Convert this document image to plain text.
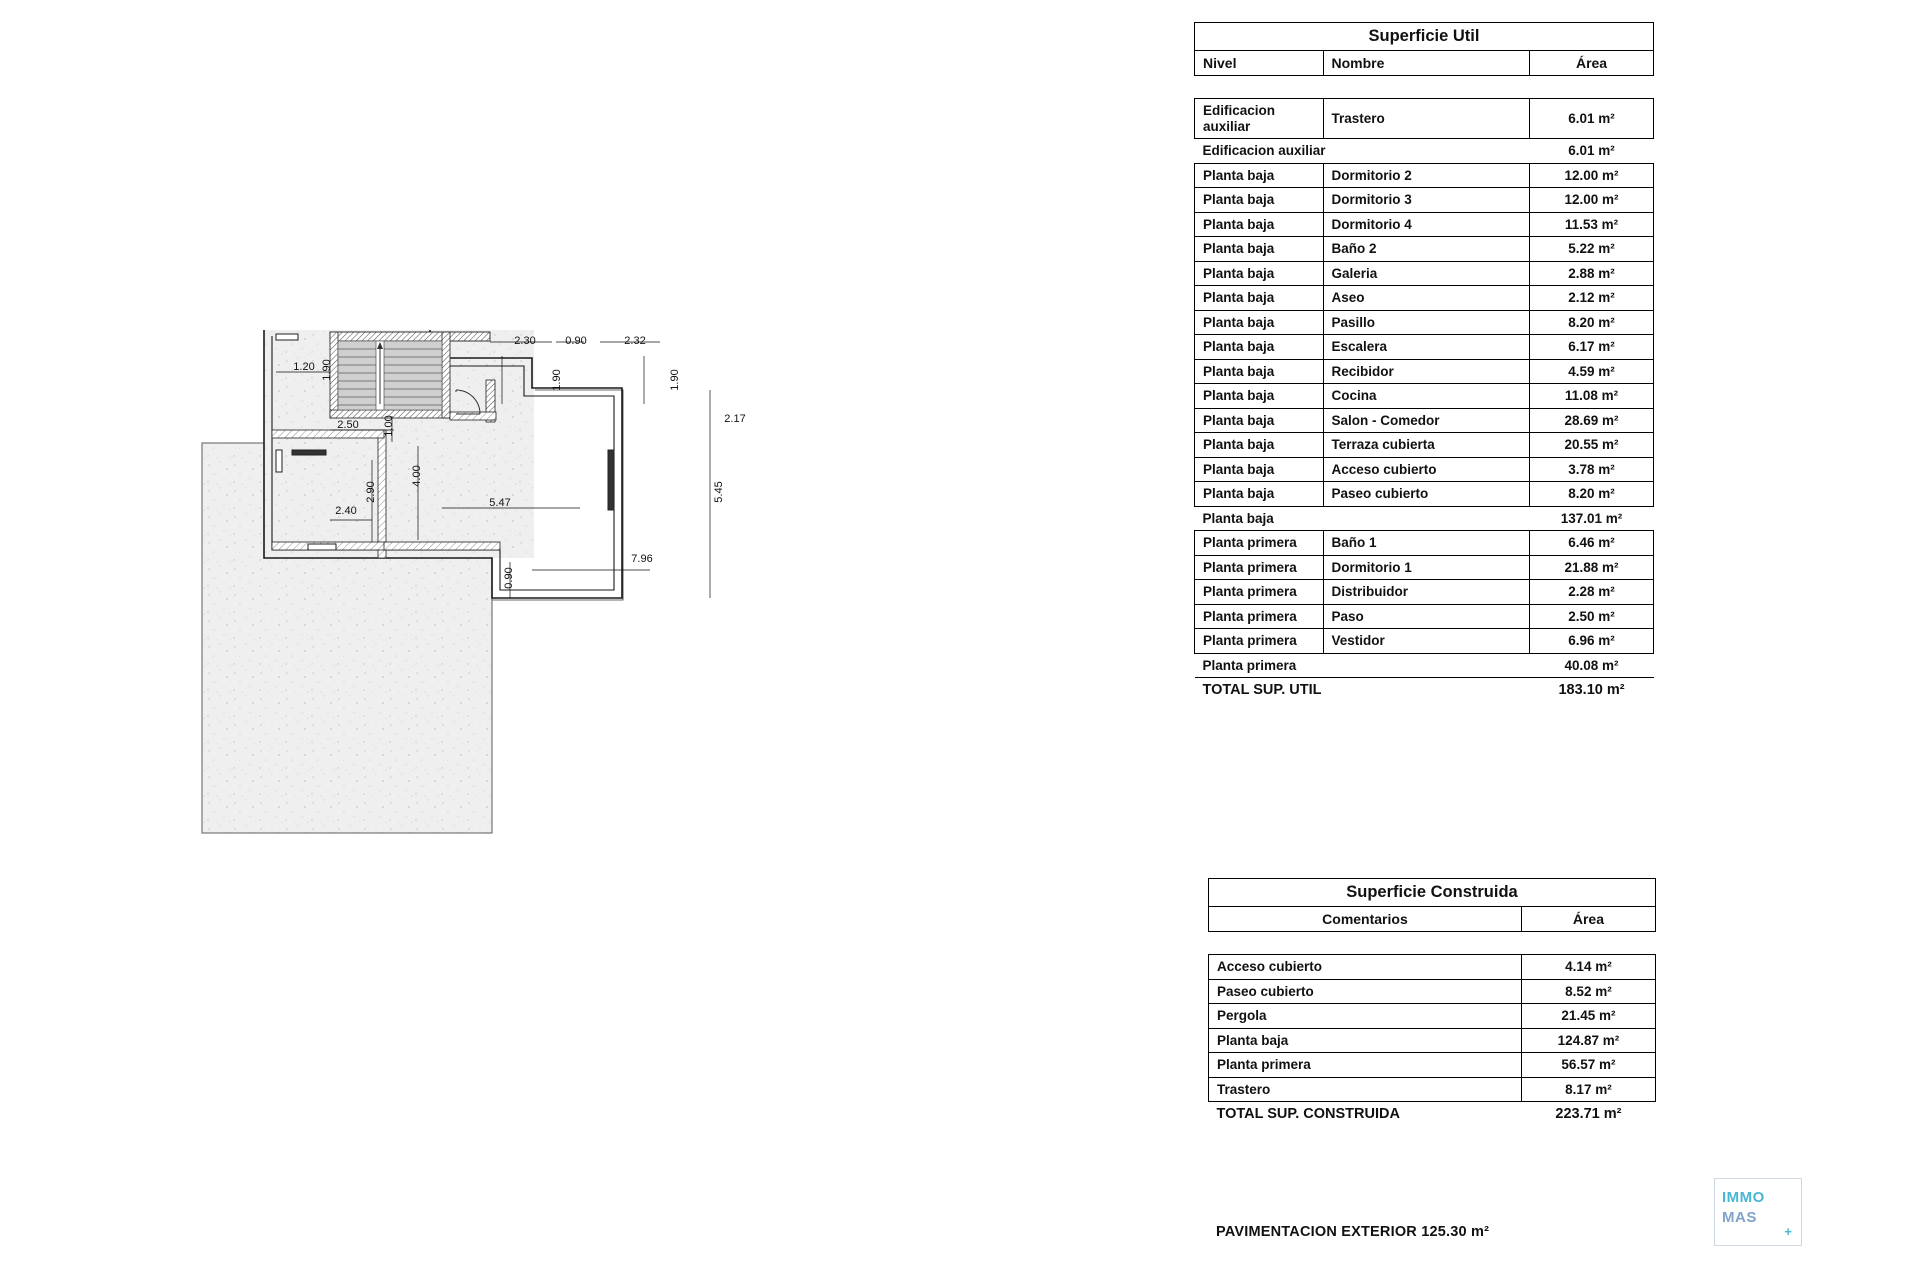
1.20 1.90
2.30	0.90	2.32
1.90	1.90
2.17
2.50 1.00
4.00
5.47
5.45
2.90
2.40
7.96
0.90
Superficie Util		
Nivel	Nombre	Área

Edificacion auxiliar	Trastero	6.01 m²
Edificacion auxiliar		6.01 m²
Planta baja	Dormitorio 2	12.00 m²
Planta baja	Dormitorio 3	12.00 m²
Planta baja	Dormitorio 4	11.53 m²
Planta baja	Baño 2	5.22 m²
Planta baja	Galeria	2.88 m²
Planta baja	Aseo	2.12 m²
Planta baja	Pasillo	8.20 m²
Planta baja	Escalera	6.17 m²
Planta baja	Recibidor	4.59 m²
Planta baja	Cocina	11.08 m²
Planta baja	Salon - Comedor	28.69 m²
Planta baja	Terraza cubierta	20.55 m²
Planta baja	Acceso cubierto	3.78 m²
Planta baja	Paseo cubierto	8.20 m²
Planta baja		137.01 m²
Planta primera	Baño 1	6.46 m²
Planta primera	Dormitorio 1	21.88 m²
Planta primera	Distribuidor	2.28 m²
Planta primera	Paso	2.50 m²
Planta primera	Vestidor	6.96 m²
Planta primera		40.08 m²
TOTAL SUP. UTIL		183.10 m²
Superficie Construida	
Comentarios	Área

Acceso cubierto	4.14 m²
Paseo cubierto	8.52 m²
Pergola	21.45 m²
Planta baja	124.87 m²
Planta primera	56.57 m²
Trastero	8.17 m²
TOTAL SUP. CONSTRUIDA	223.71 m²
PAVIMENTACION EXTERIOR 125.30 m²
IMMO
MAS
+
